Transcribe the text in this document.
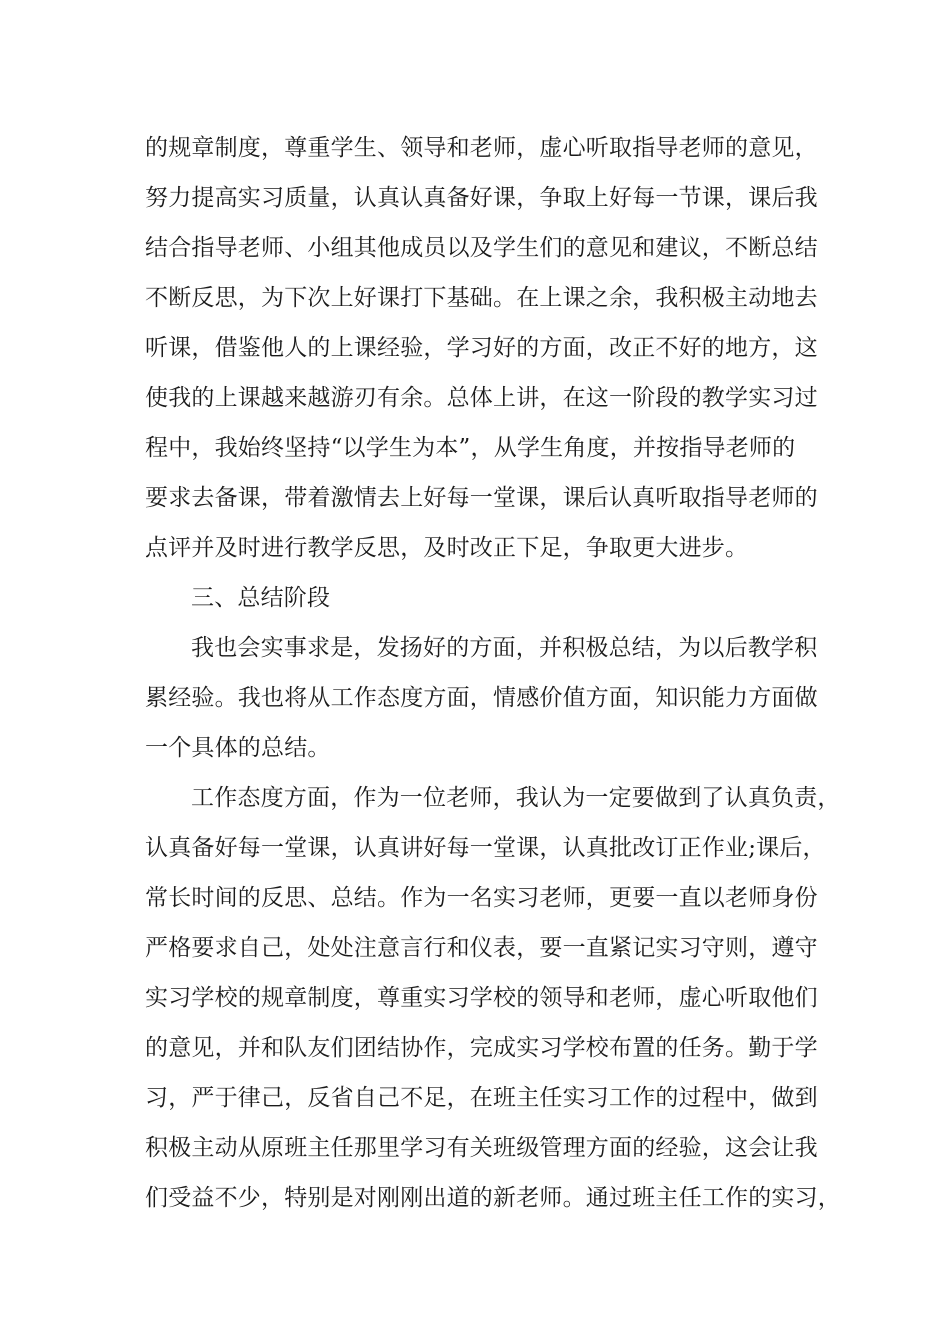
的规章制度，尊重学生、领导和老师，虚心听取指导老师的意见，
努力提高实习质量，认真认真备好课，争取上好每一节课，课后我
结合指导老师、小组其他成员以及学生们的意见和建议，不断总结
不断反思，为下次上好课打下基础。在上课之余，我积极主动地去
听课，借鉴他人的上课经验，学习好的方面，改正不好的地方，这
使我的上课越来越游刃有余。总体上讲，在这一阶段的教学实习过
程中，我始终坚持“以学生为本”，从学生角度，并按指导老师的
要求去备课，带着激情去上好每一堂课，课后认真听取指导老师的
点评并及时进行教学反思，及时改正下足，争取更大进步。
三、总结阶段
我也会实事求是，发扬好的方面，并积极总结，为以后教学积
累经验。我也将从工作态度方面，情感价值方面，知识能力方面做
一个具体的总结。
工作态度方面，作为一位老师，我认为一定要做到了认真负责，
认真备好每一堂课，认真讲好每一堂课，认真批改订正作业;课后，
常长时间的反思、总结。作为一名实习老师，更要一直以老师身份
严格要求自己，处处注意言行和仪表，要一直紧记实习守则，遵守
实习学校的规章制度，尊重实习学校的领导和老师，虚心听取他们
的意见，并和队友们团结协作，完成实习学校布置的任务。勤于学
习，严于律己，反省自己不足，在班主任实习工作的过程中，做到
积极主动从原班主任那里学习有关班级管理方面的经验，这会让我
们受益不少，特别是对刚刚出道的新老师。通过班主任工作的实习，
